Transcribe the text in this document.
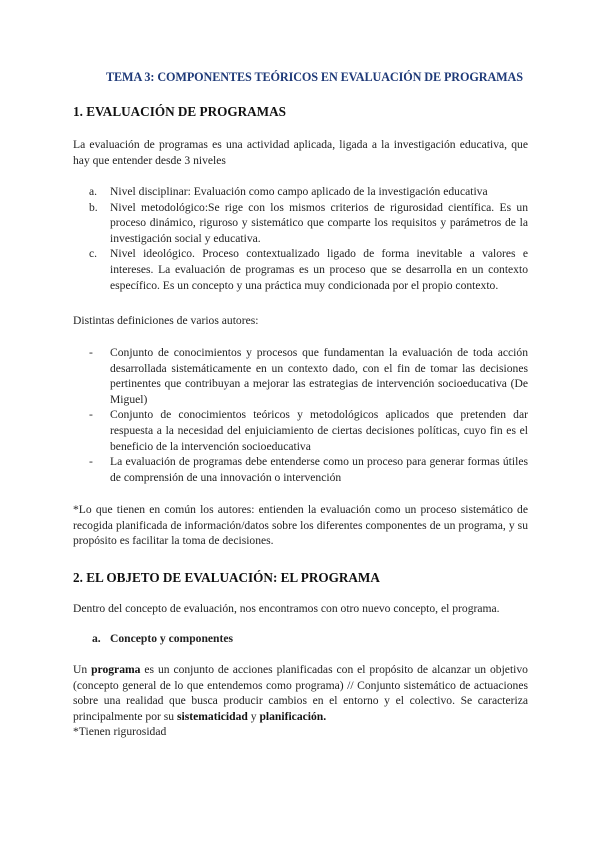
TEMA 3: COMPONENTES TEÓRICOS EN EVALUACIÓN DE PROGRAMAS
1. EVALUACIÓN DE PROGRAMAS
La evaluación de programas es una actividad aplicada, ligada a la investigación educativa, que hay que entender desde 3 niveles
a. Nivel disciplinar: Evaluación como campo aplicado de la investigación educativa
b. Nivel metodológico:Se rige con los mismos criterios de rigurosidad científica. Es un proceso dinámico, riguroso y sistemático que comparte los requisitos y parámetros de la investigación social y educativa.
c. Nivel ideológico. Proceso contextualizado ligado de forma inevitable a valores e intereses. La evaluación de programas es un proceso que se desarrolla en un contexto específico. Es un concepto y una práctica muy condicionada por el propio contexto.
Distintas definiciones de varios autores:
- Conjunto de conocimientos y procesos que fundamentan la evaluación de toda acción desarrollada sistemáticamente en un contexto dado, con el fin de tomar las decisiones pertinentes que contribuyan a mejorar las estrategias de intervención socioeducativa (De Miguel)
- Conjunto de conocimientos teóricos y metodológicos aplicados que pretenden dar respuesta a la necesidad del enjuiciamiento de ciertas decisiones políticas, cuyo fin es el beneficio de la intervención socioeducativa
- La evaluación de programas debe entenderse como un proceso para generar formas útiles de comprensión de una innovación o intervención
*Lo que tienen en común los autores: entienden la evaluación como un proceso sistemático de recogida planificada de información/datos sobre los diferentes componentes de un programa, y su propósito es facilitar la toma de decisiones.
2. EL OBJETO DE EVALUACIÓN: EL PROGRAMA
Dentro del concepto de evaluación, nos encontramos con otro nuevo concepto, el programa.
a. Concepto y componentes
Un programa es un conjunto de acciones planificadas con el propósito de alcanzar un objetivo (concepto general de lo que entendemos como programa) // Conjunto sistemático de actuaciones sobre una realidad que busca producir cambios en el entorno y el colectivo. Se caracteriza principalmente por su sistematicidad y planificación.
*Tienen rigurosidad
